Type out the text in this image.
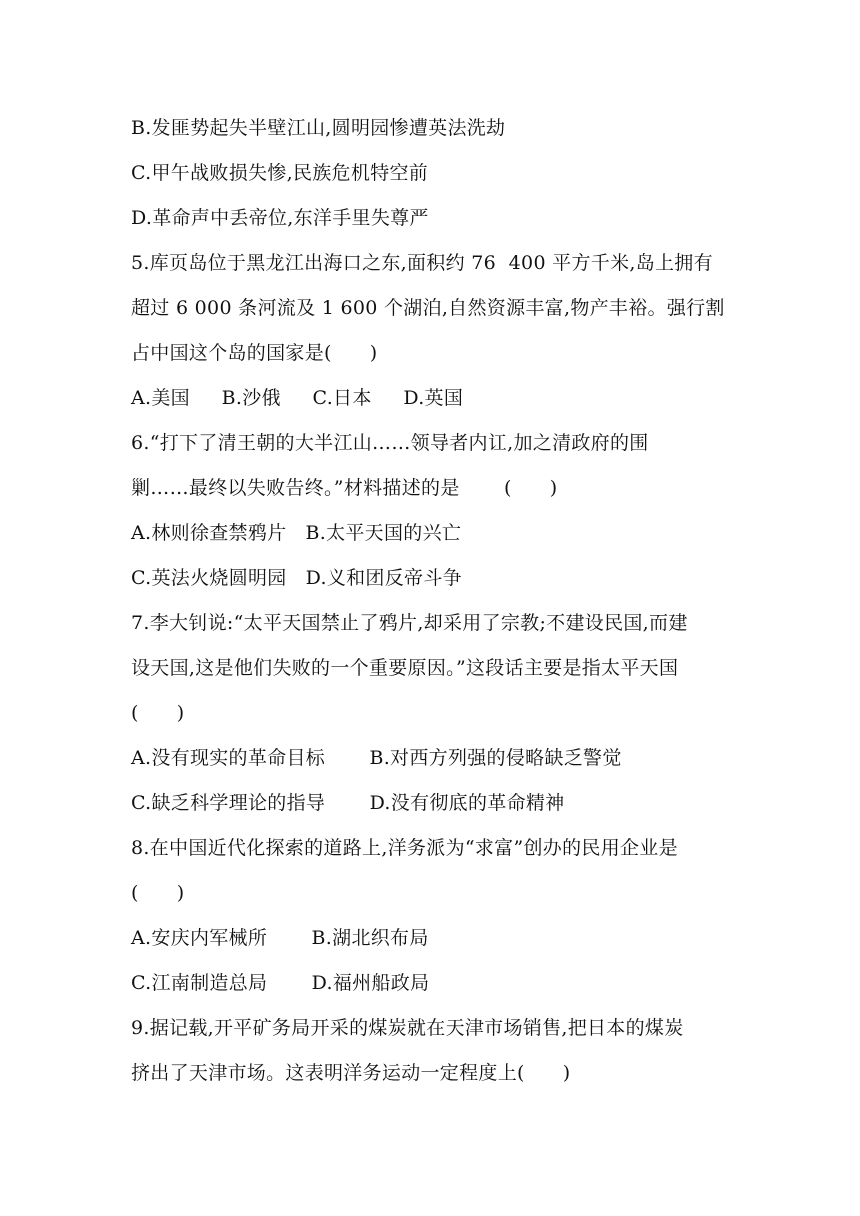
B.发匪势起失半壁江山,圆明园惨遭英法洗劫
C.甲午战败损失惨,民族危机特空前
D.革命声中丢帝位,东洋手里失尊严
5.库页岛位于黑龙江出海口之东,面积约 76  400 平方千米,岛上拥有
超过 6 000 条河流及 1 600 个湖泊,自然资源丰富,物产丰裕。强行割
占中国这个岛的国家是(      )
A.美国     B.沙俄     C.日本     D.英国
6.“打下了清王朝的大半江山……领导者内讧,加之清政府的围
剿……最终以失败告终。”材料描述的是       (      )
A.林则徐查禁鸦片   B.太平天国的兴亡
C.英法火烧圆明园   D.义和团反帝斗争
7.李大钊说:“太平天国禁止了鸦片,却采用了宗教;不建设民国,而建
设天国,这是他们失败的一个重要原因。”这段话主要是指太平天国
(      )
A.没有现实的革命目标       B.对西方列强的侵略缺乏警觉
C.缺乏科学理论的指导       D.没有彻底的革命精神
8.在中国近代化探索的道路上,洋务派为“求富”创办的民用企业是
(      )
A.安庆内军械所       B.湖北织布局
C.江南制造总局       D.福州船政局
9.据记载,开平矿务局开采的煤炭就在天津市场销售,把日本的煤炭
挤出了天津市场。这表明洋务运动一定程度上(      )
